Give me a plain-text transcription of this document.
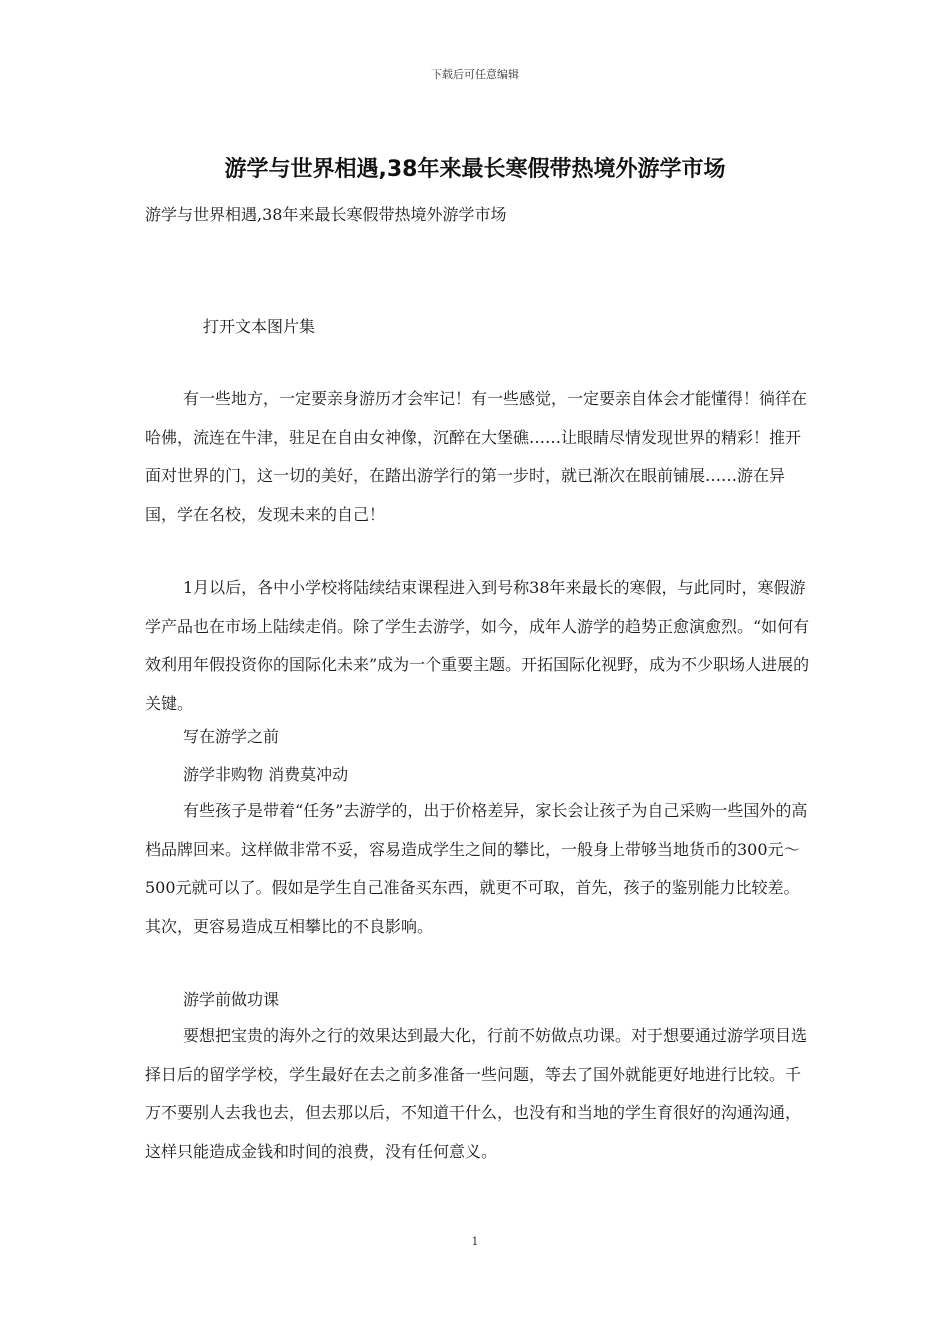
下载后可任意编辑
游学与世界相遇,38年来最长寒假带热境外游学市场
游学与世界相遇,38年来最长寒假带热境外游学市场
打开文本图片集
有一些地方，一定要亲身游历才会牢记！有一些感觉，一定要亲自体会才能懂得！徜徉在哈佛，流连在牛津，驻足在自由女神像，沉醉在大堡礁……让眼睛尽情发现世界的精彩！推开面对世界的门，这一切的美好，在踏出游学行的第一步时，就已渐次在眼前铺展……游在异国，学在名校，发现未来的自己！
1月以后，各中小学校将陆续结束课程进入到号称38年来最长的寒假，与此同时，寒假游学产品也在市场上陆续走俏。除了学生去游学，如今，成年人游学的趋势正愈演愈烈。“如何有效利用年假投资你的国际化未来”成为一个重要主题。开拓国际化视野，成为不少职场人进展的关键。
写在游学之前
游学非购物 消费莫冲动
有些孩子是带着“任务”去游学的，出于价格差异，家长会让孩子为自己采购一些国外的高档品牌回来。这样做非常不妥，容易造成学生之间的攀比，一般身上带够当地货币的300元～500元就可以了。假如是学生自己准备买东西，就更不可取，首先，孩子的鉴别能力比较差。其次，更容易造成互相攀比的不良影响。
游学前做功课
要想把宝贵的海外之行的效果达到最大化，行前不妨做点功课。对于想要通过游学项目选择日后的留学学校，学生最好在去之前多准备一些问题，等去了国外就能更好地进行比较。千万不要别人去我也去，但去那以后，不知道干什么，也没有和当地的学生育很好的沟通沟通，这样只能造成金钱和时间的浪费，没有任何意义。
1
